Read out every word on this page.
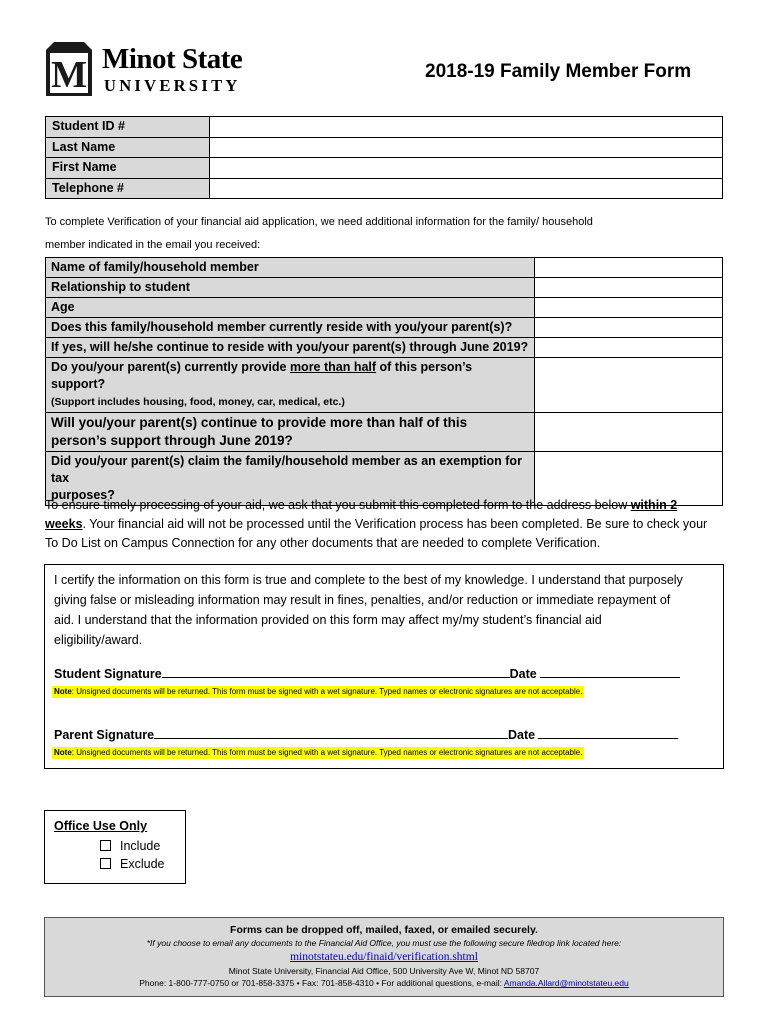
M Minot State
UNIVERSITY
2018-19 Family Member Form
Student ID #	
Last Name	
First Name	
Telephone #	
To complete Verification of your financial aid application, we need additional information for the family/ household
member indicated in the email you received:
Name of family/household member	
Relationship to student	
Age	
Does this family/household member currently reside with you/your parent(s)?	
If yes, will he/she continue to reside with you/your parent(s) through June 2019?	
Do you/your parent(s) currently provide more than half of this person’s support?
(Support includes housing, food, money, car, medical, etc.)	
Will you/your parent(s) continue to provide more than half of this
person’s support through June 2019?	
Did you/your parent(s) claim the family/household member as an exemption for tax
purposes?	
To ensure timely processing of your aid, we ask that you submit this completed form to the address below within 2
weeks. Your financial aid will not be processed until the Verification process has been completed. Be sure to check your
To Do List on Campus Connection for any other documents that are needed to complete Verification.
I certify the information on this form is true and complete to the best of my knowledge. I understand that purposely
giving false or misleading information may result in fines, penalties, and/or reduction or immediate repayment of
aid. I understand that the information provided on this form may affect my/my student’s financial aid
eligibility/award.
Student Signature	Date
Note: Unsigned documents will be returned. This form must be signed with a wet signature. Typed names or electronic signatures are not acceptable.
Parent Signature	Date
Note: Unsigned documents will be returned. This form must be signed with a wet signature. Typed names or electronic signatures are not acceptable.
Office Use Only
Include
Exclude
Forms can be dropped off, mailed, faxed, or emailed securely.
*If you choose to email any documents to the Financial Aid Office, you must use the following secure filedrop link located here:
minotstateu.edu/finaid/verification.shtml
Minot State University, Financial Aid Office, 500 University Ave W, Minot ND 58707
Phone: 1-800-777-0750 or 701-858-3375 • Fax: 701-858-4310 • For additional questions, e-mail: Amanda.Allard@minotstateu.edu
